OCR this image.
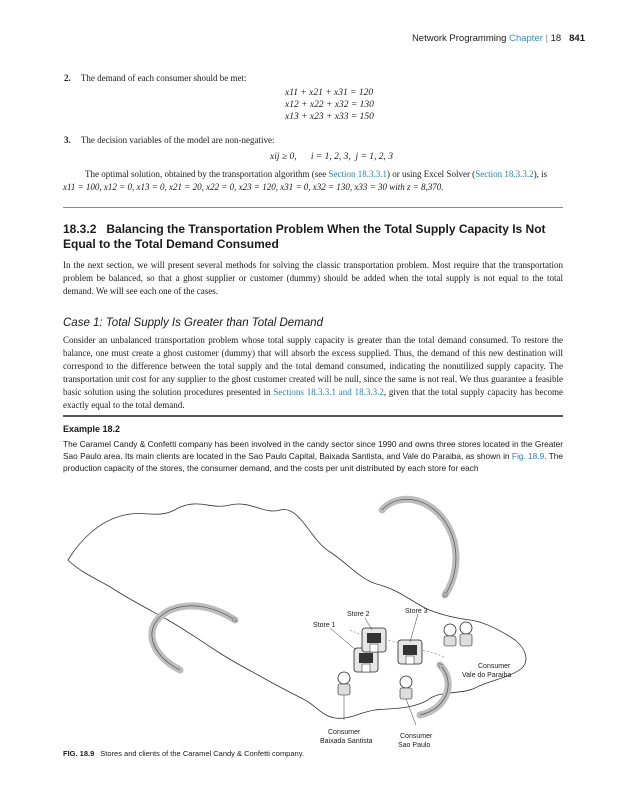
Network Programming Chapter | 18 841
2. The demand of each consumer should be met:
x11 + x21 + x31 = 120
x12 + x22 + x32 = 130
x13 + x23 + x33 = 150
3. The decision variables of the model are non-negative:
xij ≥ 0,      i = 1, 2, 3,  j = 1, 2, 3
The optimal solution, obtained by the transportation algorithm (see Section 18.3.3.1) or using Excel Solver (Section 18.3.3.2), is
x11 = 100, x12 = 0, x13 = 0, x21 = 20, x22 = 0, x23 = 120, x31 = 0, x32 = 130, x33 = 30 with z = 8,370.
18.3.2 Balancing the Transportation Problem When the Total Supply Capacity Is Not Equal to the Total Demand Consumed
In the next section, we will present several methods for solving the classic transportation problem. Most require that the transportation problem be balanced, so that a ghost supplier or customer (dummy) should be added when the total supply is not equal to the total demand. We will see each one of the cases.
Case 1: Total Supply Is Greater than Total Demand
Consider an unbalanced transportation problem whose total supply capacity is greater than the total demand consumed. To restore the balance, one must create a ghost customer (dummy) that will absorb the excess supplied. Thus, the demand of this new destination will correspond to the difference between the total supply and the total demand consumed, indicating the nonutilized supply capacity. The transportation unit cost for any supplier to the ghost customer created will be null, since the same is not real. We thus guarantee a feasible basic solution using the solution procedures presented in Sections 18.3.3.1 and 18.3.3.2, given that the total supply capacity has become exactly equal to the total demand.
Example 18.2
The Caramel Candy & Confetti company has been involved in the candy sector since 1990 and owns three stores located in the Greater Sao Paulo area. Its main clients are located in the Sao Paulo Capital, Baixada Santista, and Vale do Paraiba, as shown in Fig. 18.9. The production capacity of the stores, the consumer demand, and the costs per unit distributed by each store for each
Store 1
Store 2	Store 3
Consumer
Vale do Paraiba
Consumer
Baixada Santista
Consumer
Sao Paulo
FIG. 18.9 Stores and clients of the Caramel Candy & Confetti company.
